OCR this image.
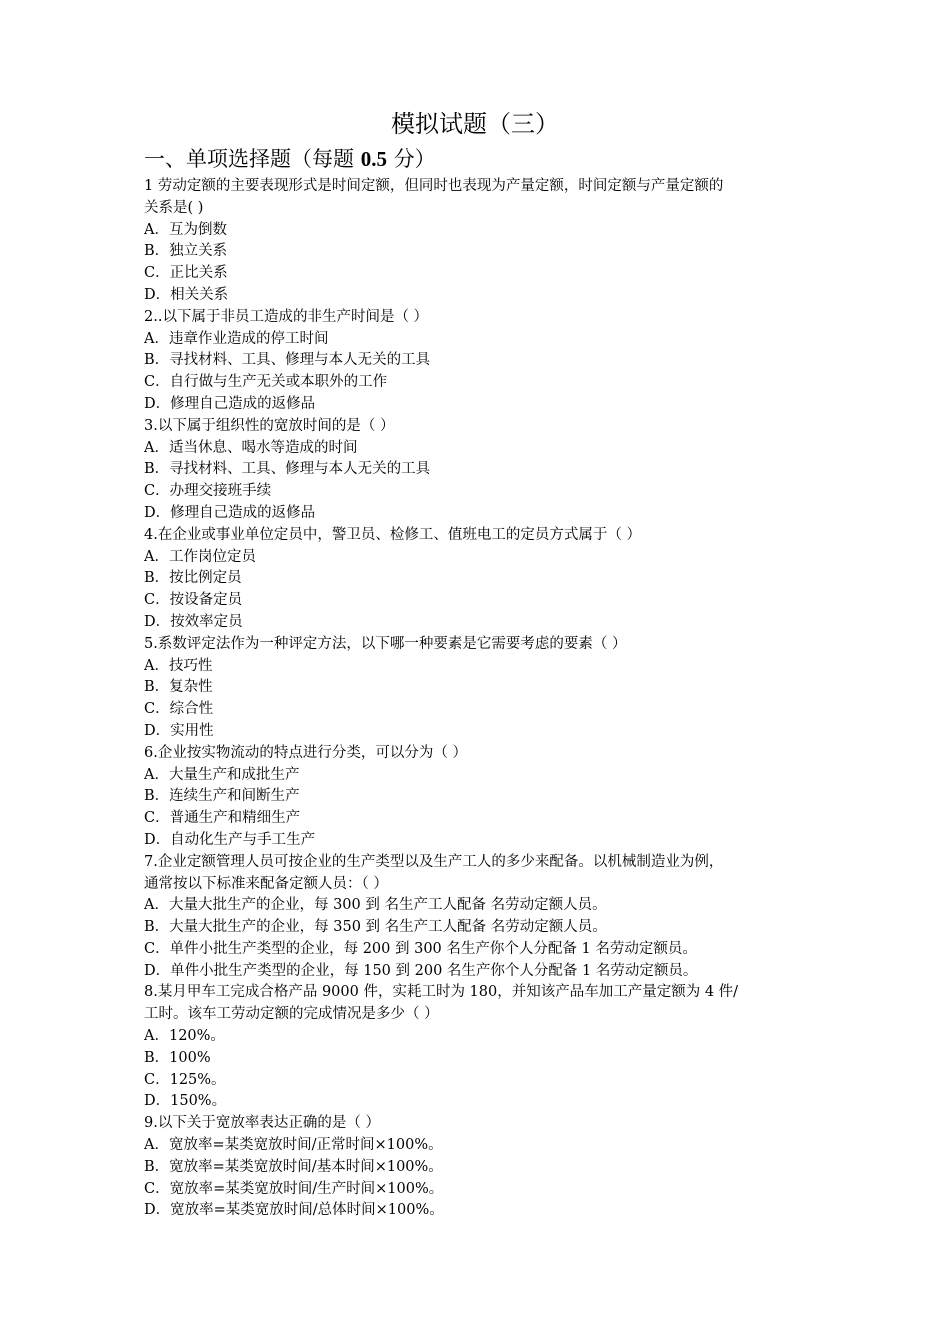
模拟试题（三）
一、单项选择题（每题 0.5 分）
1 劳动定额的主要表现形式是时间定额，但同时也表现为产量定额，时间定额与产量定额的
关系是( )
A．互为倒数
B．独立关系
C．正比关系
D．相关关系
2..以下属于非员工造成的非生产时间是（ ）
A．违章作业造成的停工时间
B．寻找材料、工具、修理与本人无关的工具
C．自行做与生产无关或本职外的工作
D．修理自己造成的返修品
3.以下属于组织性的宽放时间的是（ ）
A．适当休息、喝水等造成的时间
B．寻找材料、工具、修理与本人无关的工具
C．办理交接班手续
D．修理自己造成的返修品
4.在企业或事业单位定员中，警卫员、检修工、值班电工的定员方式属于（ ）
A．工作岗位定员
B．按比例定员
C．按设备定员
D．按效率定员
5.系数评定法作为一种评定方法，以下哪一种要素是它需要考虑的要素（ ）
A．技巧性
B．复杂性
C．综合性
D．实用性
6.企业按实物流动的特点进行分类，可以分为（ ）
A．大量生产和成批生产
B．连续生产和间断生产
C．普通生产和精细生产
D．自动化生产与手工生产
7.企业定额管理人员可按企业的生产类型以及生产工人的多少来配备。以机械制造业为例，
通常按以下标准来配备定额人员：（ ）
A．大量大批生产的企业，每 300 到 名生产工人配备 名劳动定额人员。
B．大量大批生产的企业，每 350 到 名生产工人配备 名劳动定额人员。
C．单件小批生产类型的企业，每 200 到 300 名生产你个人分配备 1 名劳动定额员。
D．单件小批生产类型的企业，每 150 到 200 名生产你个人分配备 1 名劳动定额员。
8.某月甲车工完成合格产品 9000 件，实耗工时为 180，并知该产品车加工产量定额为 4 件/
工时。该车工劳动定额的完成情况是多少（ ）
A．120%。
B．100%
C．125%。
D．150%。
9.以下关于宽放率表达正确的是（ ）
A．宽放率=某类宽放时间/正常时间×100%。
B．宽放率=某类宽放时间/基本时间×100%。
C．宽放率=某类宽放时间/生产时间×100%。
D．宽放率=某类宽放时间/总体时间×100%。
